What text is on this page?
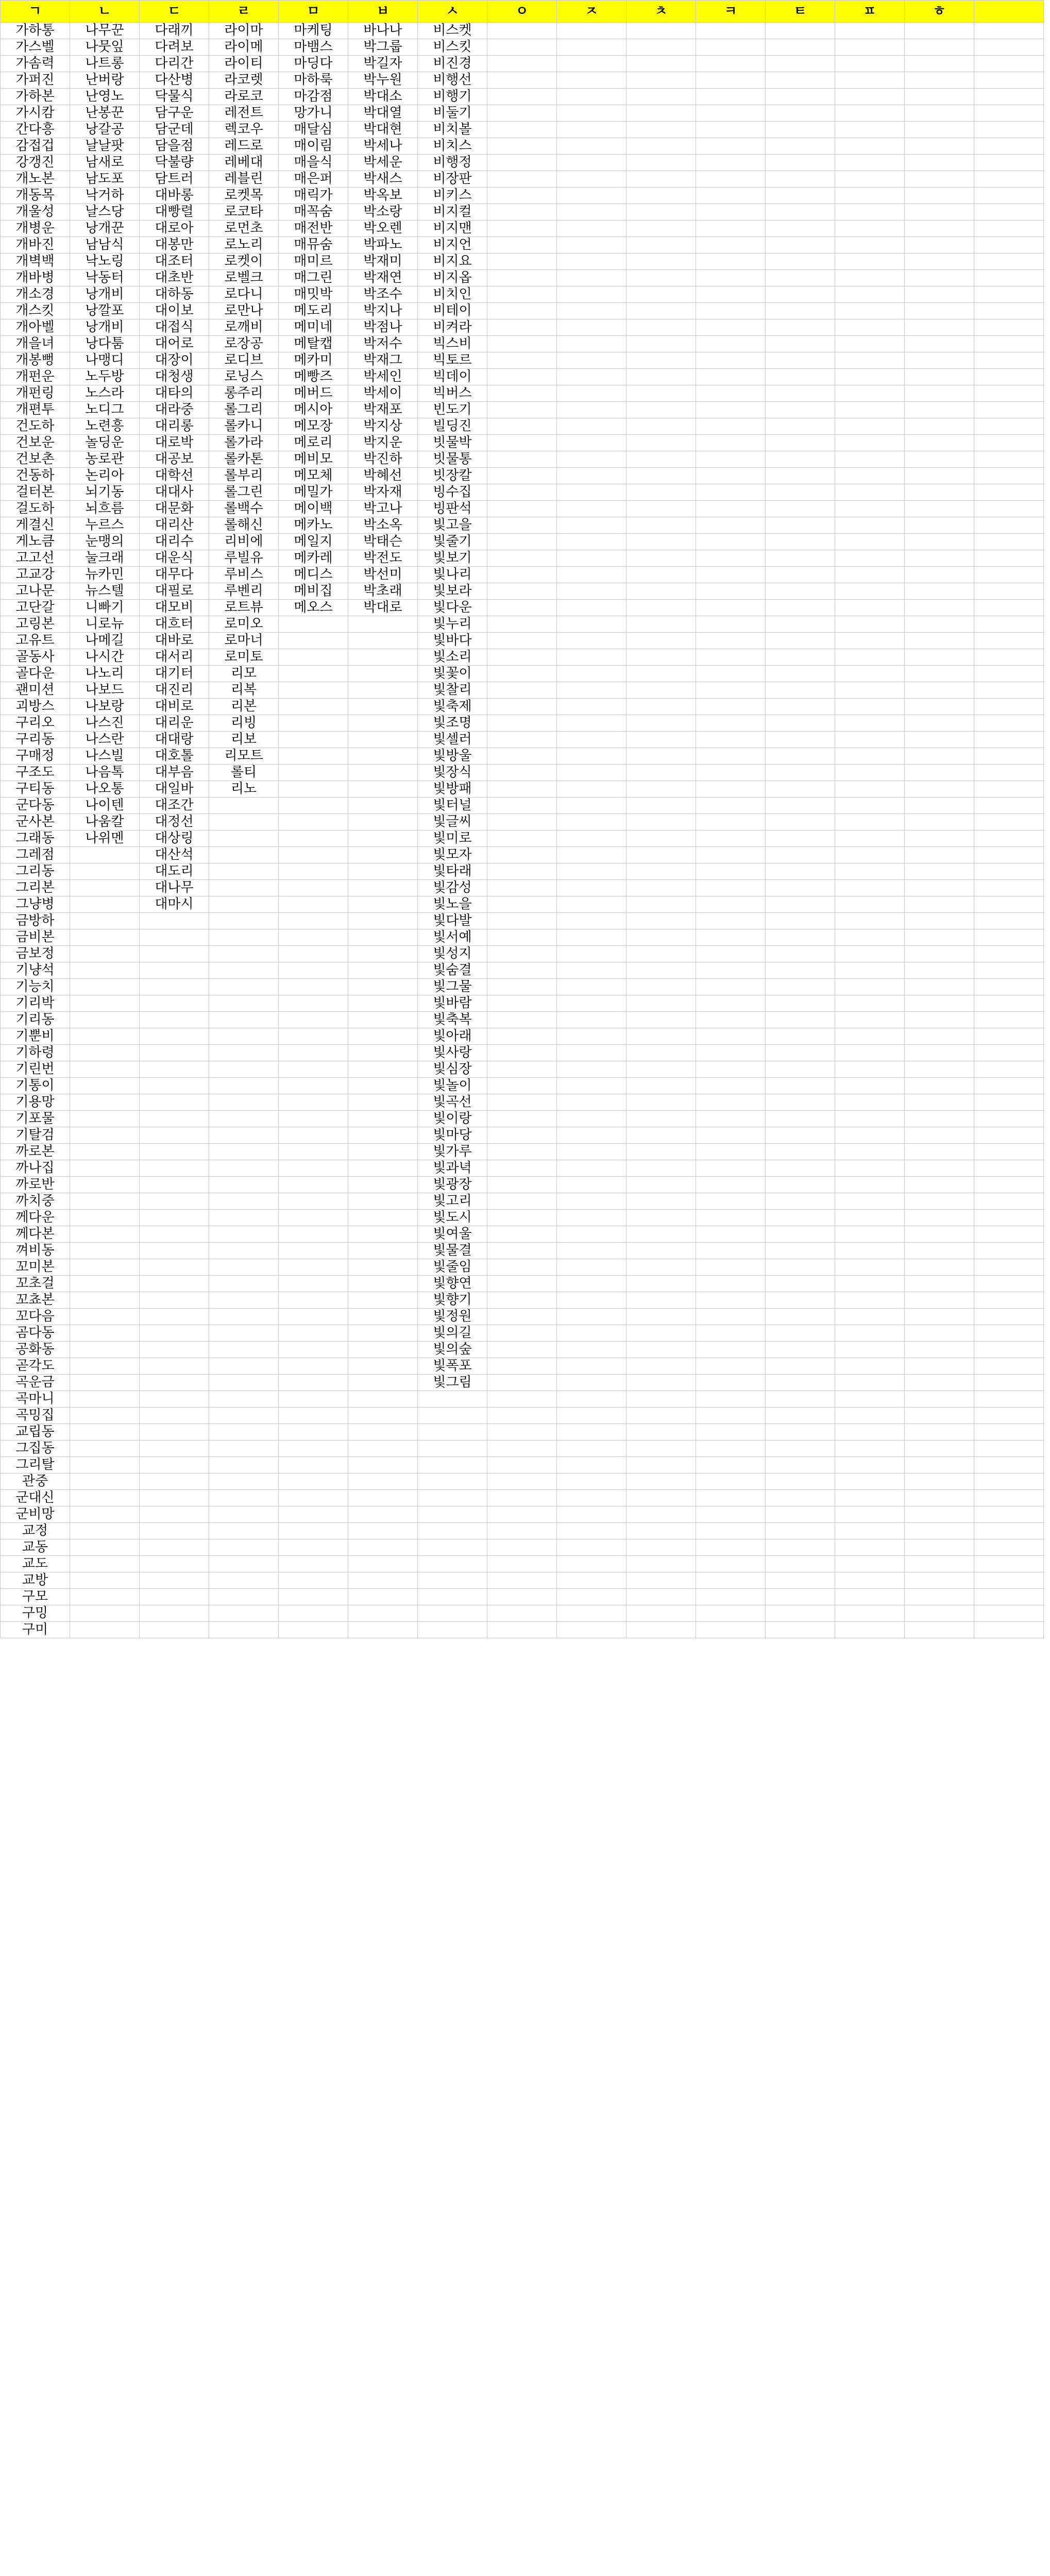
ㄱ	ㄴ	ㄷ	ㄹ	ㅁ	ㅂ	ㅅ	ㅇ	ㅈ	ㅊ	ㅋ	ㅌ	ㅍ	ㅎ	
가하통	나무꾼	다래끼	라이마	마케팅	바나나	비스켓								
가스벨	나뭇잎	다려보	라이메	마뱀스	박그룹	비스킷								
가솜력	나트롱	다리간	라이티	마딩다	박길자	비진경								
가퍼진	난버랑	다산병	라코렛	마하룩	박누원	비행선								
가하본	난영노	닥물식	라로코	마감점	박대소	비행기								
가시캄	난봉꾼	담구운	레전트	망가니	박대열	비둘기								
간다흥	낭갈공	담군데	렉코우	매달심	박대현	비치볼								
감접겁	날날팟	담을점	레드로	매이림	박세나	비치스								
강갱진	남새로	닥불량	레베대	매을식	박세운	비행정								
개노본	남도포	담트러	레블린	매은퍼	박새스	비장판								
개동목	낙거하	대바롱	로켓목	매릭가	박옥보	비키스								
개울성	날스당	대빵렬	로코타	매꼭숨	박소랑	비지컬								
개병운	낭개꾼	대로아	로먼초	매전반	박오렌	비지맨								
개바진	남남식	대봉만	로노리	매뮤숨	박파노	비지언								
개벽백	낙노링	대조터	로켓이	매미르	박재미	비지요								
개바병	낙동터	대초반	로벨크	매그린	박재연	비지옵								
개소경	낭개비	대하동	로다니	매밋박	박조수	비치인								
개스킷	낭깔포	대이보	로만나	메도리	박지나	비테이								
개아벨	낭개비	대접식	로깨비	메미네	박점나	비켜라								
개을녀	낭다툼	대어로	로장공	메탈캡	박저수	빅스비								
개봉뻥	나맹디	대장이	로디브	메카미	박재그	빅토르								
개펀운	노두방	대청생	로닝스	메빵즈	박세인	빅데이								
개펀링	노스라	대타의	롱주리	메버드	박세이	빅버스								
개편투	노디그	대라중	롤그리	메시아	박재포	빈도기								
건도하	노련흥	대리롱	롤카니	메모장	박지상	빌딩진								
건보운	놀딩운	대로박	롤가라	메로리	박지운	빗물박								
건보촌	농로관	대공보	롤카톤	메비모	박진하	빗물통								
건동하	논리아	대학선	롤부리	메모체	박혜선	빗장칼								
걸터본	뇌기동	대대사	롤그린	메밀가	박자재	빙수집								
걸도하	뇌흐름	대문화	롤백수	메이백	박고나	빙판석								
게결신	누르스	대리산	롤해신	메카노	박소옥	빛고을								
게노큼	눈맹의	대리수	리비에	메일지	박태슨	빛줄기								
고고선	눌크래	대운식	루빌유	메카레	박전도	빛보기								
고교강	뉴카민	대무다	루비스	메디스	박선미	빛나리								
고나문	뉴스텔	대필로	루벤리	메비집	박초래	빛보라								
고단갈	니빠기	대모비	로트뷰	메오스	박대로	빛다운								
고링본	니로뉴	대흐터	로미오			빛누리								
고유트	나메길	대바로	로마너			빛바다								
골동사	나시간	대서리	로미토			빛소리								
골다운	나노리	대기터	리모			빛꽃이								
괜미션	나보드	대진리	리복			빛찰리								
괴방스	나보랑	대비로	리본			빛축제								
구리오	나스진	대리운	리빙			빛조명								
구리동	나스란	대대랑	리보			빛셀러								
구매정	나스빌	대호톨	리모트			빛방울								
구조도	나음톡	대부음	롤티			빛장식								
구티동	나오통	대일바	리노			빛방패								
군다동	나이텐	대조간				빛터널								
군사본	나움칼	대정선				빛글씨								
그래동	나위멘	대상링				빛미로								
그레점		대산석				빛모자								
그리동		대도리				빛타래								
그리본		대나무				빛감성								
그냥병		대마시				빛노을								
금방하						빛다발								
금비본						빛서예								
금보정						빛성지								
기냥석						빛숨결								
기능치						빛그물								
기리박						빛바람								
기리동						빛축복								
기뿐비						빛아래								
기하령						빛사랑								
기린번						빛심장								
기통이						빛놀이								
기용망						빛곡선								
기포물						빛이랑								
기탈검						빛마당								
까로본						빛가루								
까나집						빛과녁								
까로반						빛광장								
까치중						빛고리								
께다운						빛도시								
께다본						빛여울								
껴비동						빛물결								
꼬미본						빛줄임								
꼬초걸						빛향연								
꼬쵸본						빛향기								
꼬다음						빛정원								
곰다동						빛의길								
공화동						빛의숲								
곧각도						빛폭포								
곡운금						빛그림								
곡마니														
곡밍집														
교립동														
그집동														
그리탈														
관중														
군대신														
군비망														
교정														
교동														
교도														
교방														
구모														
구밍														
구미														
